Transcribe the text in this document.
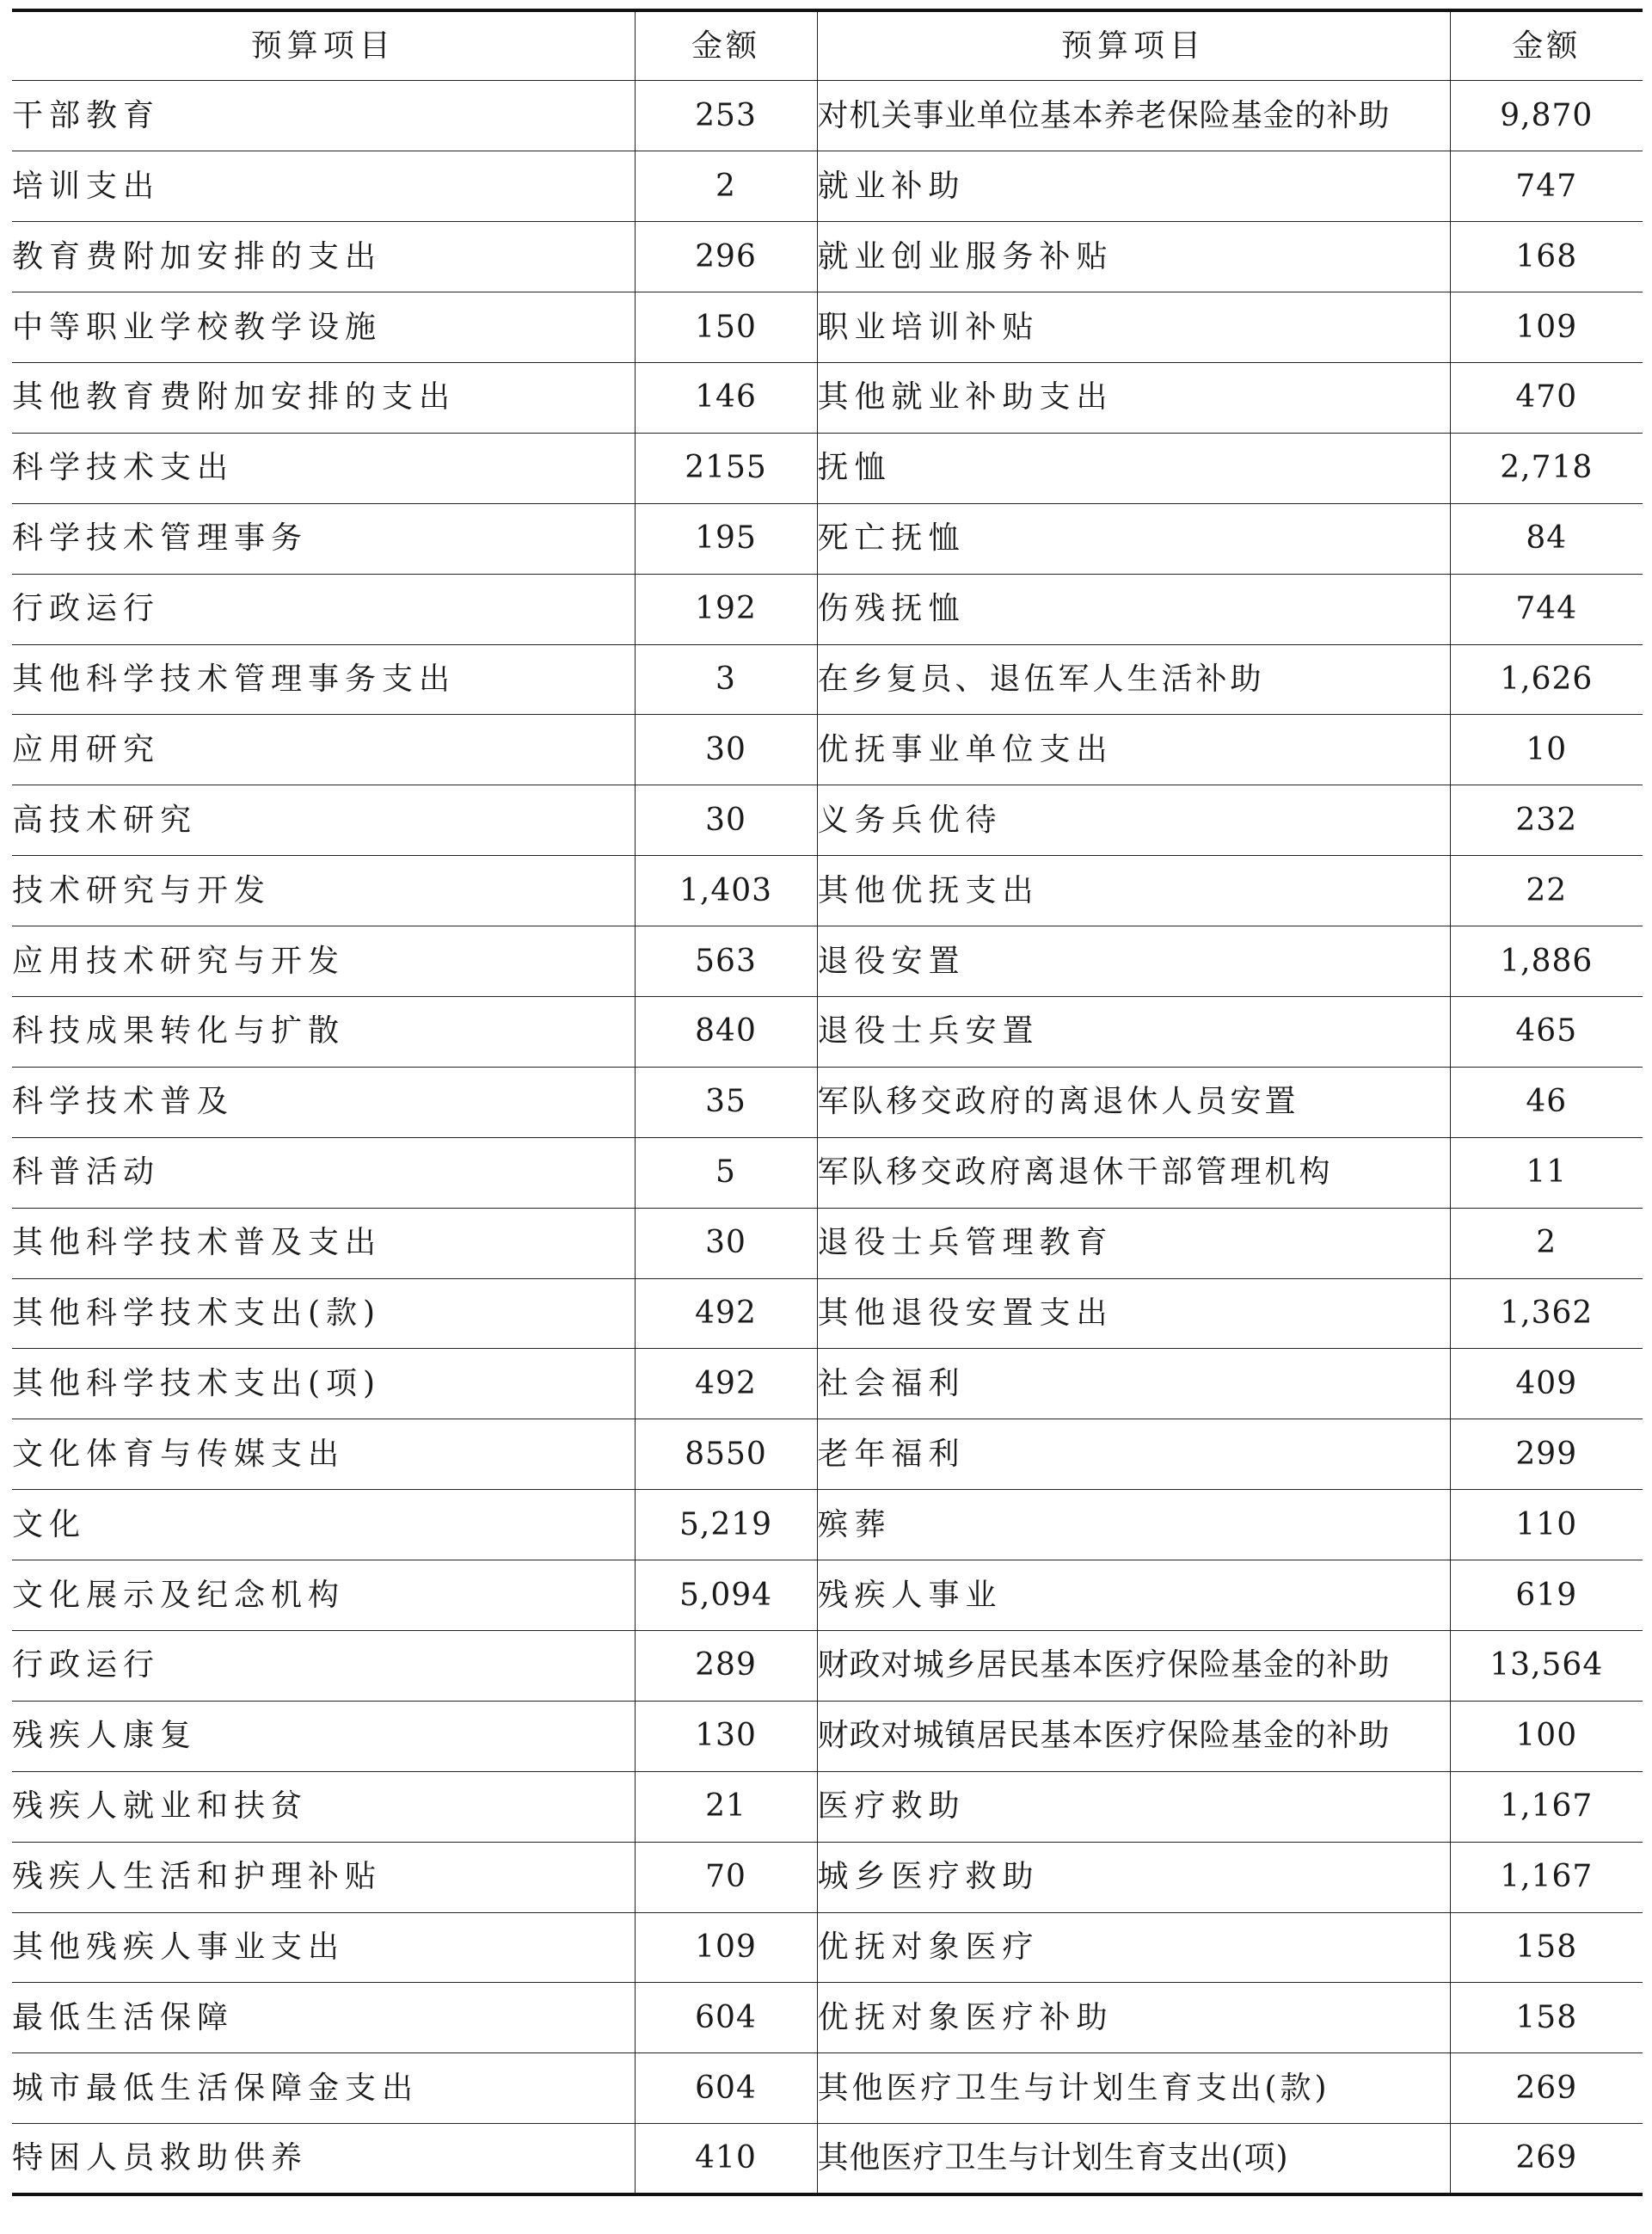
预算项目	金额	预算项目	金额
干部教育	253	对机关事业单位基本养老保险基金的补助	9,870
培训支出	2	就业补助	747
教育费附加安排的支出	296	就业创业服务补贴	168
中等职业学校教学设施	150	职业培训补贴	109
其他教育费附加安排的支出	146	其他就业补助支出	470
科学技术支出	2155	抚恤	2,718
科学技术管理事务	195	死亡抚恤	84
行政运行	192	伤残抚恤	744
其他科学技术管理事务支出	3	在乡复员、退伍军人生活补助	1,626
应用研究	30	优抚事业单位支出	10
高技术研究	30	义务兵优待	232
技术研究与开发	1,403	其他优抚支出	22
应用技术研究与开发	563	退役安置	1,886
科技成果转化与扩散	840	退役士兵安置	465
科学技术普及	35	军队移交政府的离退休人员安置	46
科普活动	5	军队移交政府离退休干部管理机构	11
其他科学技术普及支出	30	退役士兵管理教育	2
其他科学技术支出(款)	492	其他退役安置支出	1,362
其他科学技术支出(项)	492	社会福利	409
文化体育与传媒支出	8550	老年福利	299
文化	5,219	殡葬	110
文化展示及纪念机构	5,094	残疾人事业	619
行政运行	289	财政对城乡居民基本医疗保险基金的补助	13,564
残疾人康复	130	财政对城镇居民基本医疗保险基金的补助	100
残疾人就业和扶贫	21	医疗救助	1,167
残疾人生活和护理补贴	70	城乡医疗救助	1,167
其他残疾人事业支出	109	优抚对象医疗	158
最低生活保障	604	优抚对象医疗补助	158
城市最低生活保障金支出	604	其他医疗卫生与计划生育支出(款)	269
特困人员救助供养	410	其他医疗卫生与计划生育支出(项)	269
